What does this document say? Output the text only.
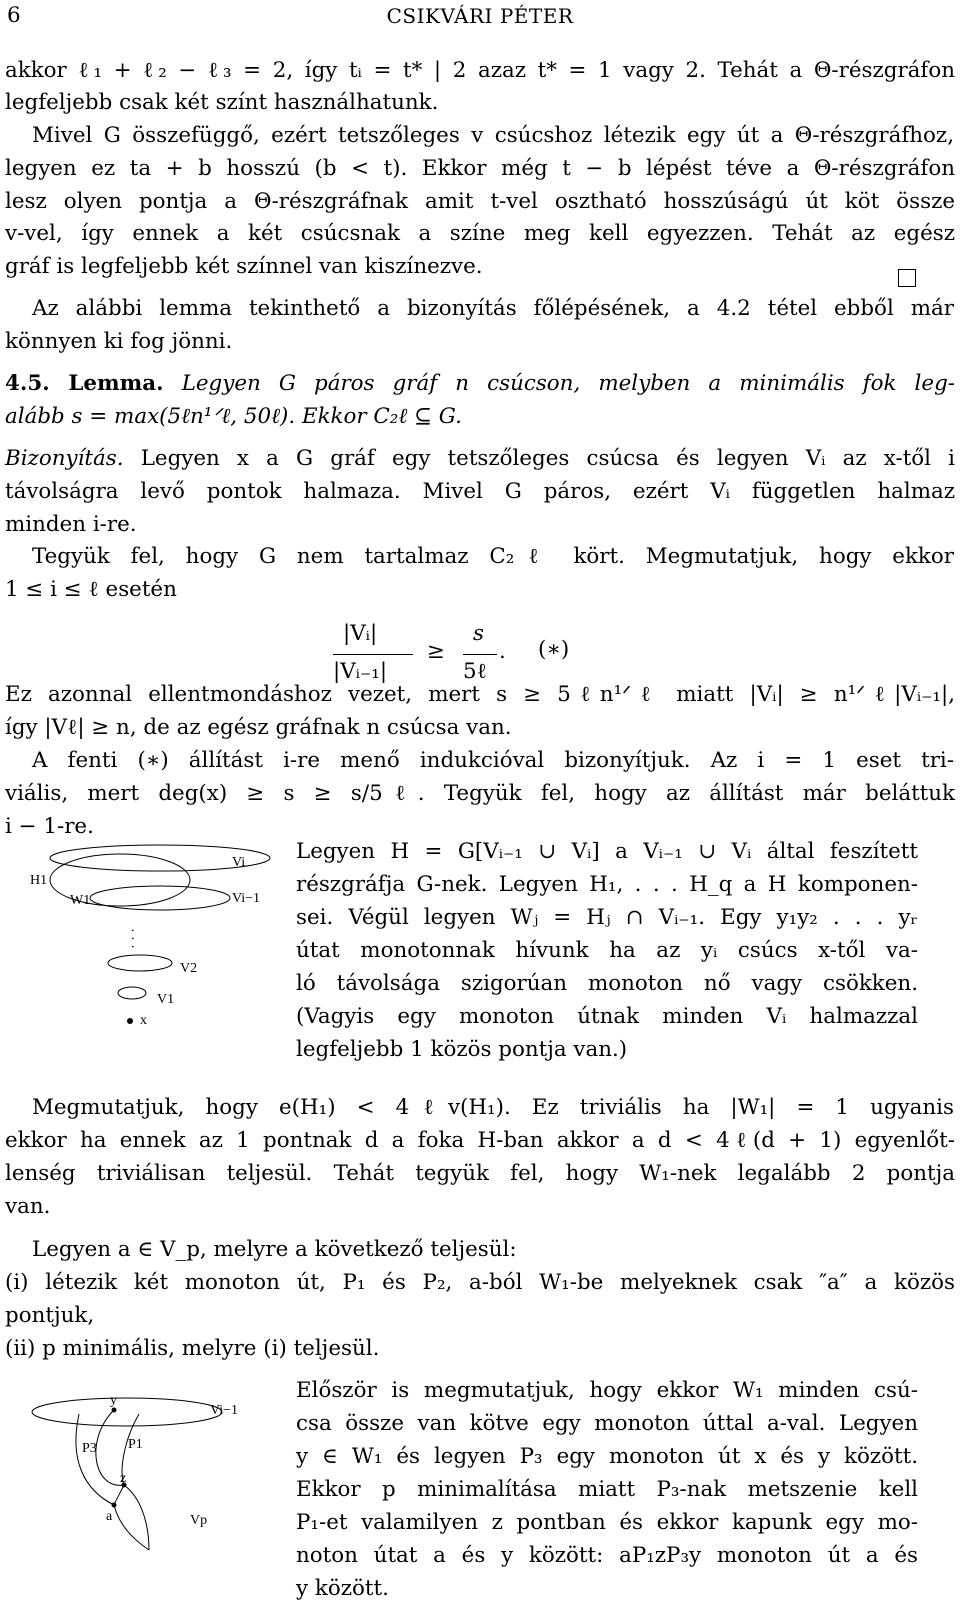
6	CSIKVÁRI PÉTER
akkor ℓ₁ + ℓ₂ − ℓ₃ = 2, így tᵢ = t* | 2 azaz t* = 1 vagy 2. Tehát a Θ-részgráfon
legfeljebb csak két színt használhatunk.
Mivel G összefüggő, ezért tetszőleges v csúcshoz létezik egy út a Θ-részgráfhoz,
legyen ez ta + b hosszú (b < t). Ekkor még t − b lépést téve a Θ-részgráfon
lesz olyen pontja a Θ-részgráfnak amit t-vel osztható hosszúságú út köt össze
v-vel, így ennek a két csúcsnak a színe meg kell egyezzen. Tehát az egész
gráf is legfeljebb két színnel van kiszínezve.
Az alábbi lemma tekinthető a bizonyítás főlépésének, a 4.2 tétel ebből már
könnyen ki fog jönni.
4.5. Lemma. Legyen G páros gráf n csúcson, melyben a minimális fok leg-
alább s = max(5ℓn¹ᐟℓ, 50ℓ). Ekkor C₂ℓ ⊆ G.
Bizonyítás. Legyen x a G gráf egy tetszőleges csúcsa és legyen Vᵢ az x-től i
távolságra levő pontok halmaza. Mivel G páros, ezért Vᵢ független halmaz
minden i-re.
Tegyük fel, hogy G nem tartalmaz C₂ℓ kört. Megmutatjuk, hogy ekkor
1 ≤ i ≤ ℓ esetén
|Vᵢ|
|Vᵢ₋₁|
≥
s
5ℓ
. (∗)
Ez azonnal ellentmondáshoz vezet, mert s ≥ 5ℓn¹ᐟℓ miatt |Vᵢ| ≥ n¹ᐟℓ|Vᵢ₋₁|,
így |Vℓ| ≥ n, de az egész gráfnak n csúcsa van.
A fenti (∗) állítást i-re menő indukcióval bizonyítjuk. Az i = 1 eset tri-
viális, mert deg(x) ≥ s ≥ s/5ℓ. Tegyük fel, hogy az állítást már beláttuk
i − 1-re.
Vi
Vi−1
H1
W1
· · ·
V2
V1
x
Legyen H = G[Vᵢ₋₁ ∪ Vᵢ] a Vᵢ₋₁ ∪ Vᵢ által feszített
részgráfja G-nek. Legyen H₁, . . . H_q a H komponen-
sei. Végül legyen Wⱼ = Hⱼ ∩ Vᵢ₋₁. Egy y₁y₂ . . . yᵣ
útat monotonnak hívunk ha az yᵢ csúcs x-től va-
ló távolsága szigorúan monoton nő vagy csökken.
(Vagyis egy monoton útnak minden Vᵢ halmazzal
legfeljebb 1 közös pontja van.)
Megmutatjuk, hogy e(H₁) < 4ℓv(H₁). Ez triviális ha |W₁| = 1 ugyanis
ekkor ha ennek az 1 pontnak d a foka H-ban akkor a d < 4ℓ(d + 1) egyenlőt-
lenség triviálisan teljesül. Tehát tegyük fel, hogy W₁-nek legalább 2 pontja
van.
Legyen a ∈ V_p, melyre a következő teljesül:
(i) létezik két monoton út, P₁ és P₂, a-ból W₁-be melyeknek csak ″a″ a közös
pontjuk,
(ii) p minimális, melyre (i) teljesül.
y
Vi−1
P3 P1
z
a	Vp
Először is megmutatjuk, hogy ekkor W₁ minden csú-
csa össze van kötve egy monoton úttal a-val. Legyen
y ∈ W₁ és legyen P₃ egy monoton út x és y között.
Ekkor p minimalítása miatt P₃-nak metszenie kell
P₁-et valamilyen z pontban és ekkor kapunk egy mo-
noton útat a és y között: aP₁zP₃y monoton út a és
y között.
